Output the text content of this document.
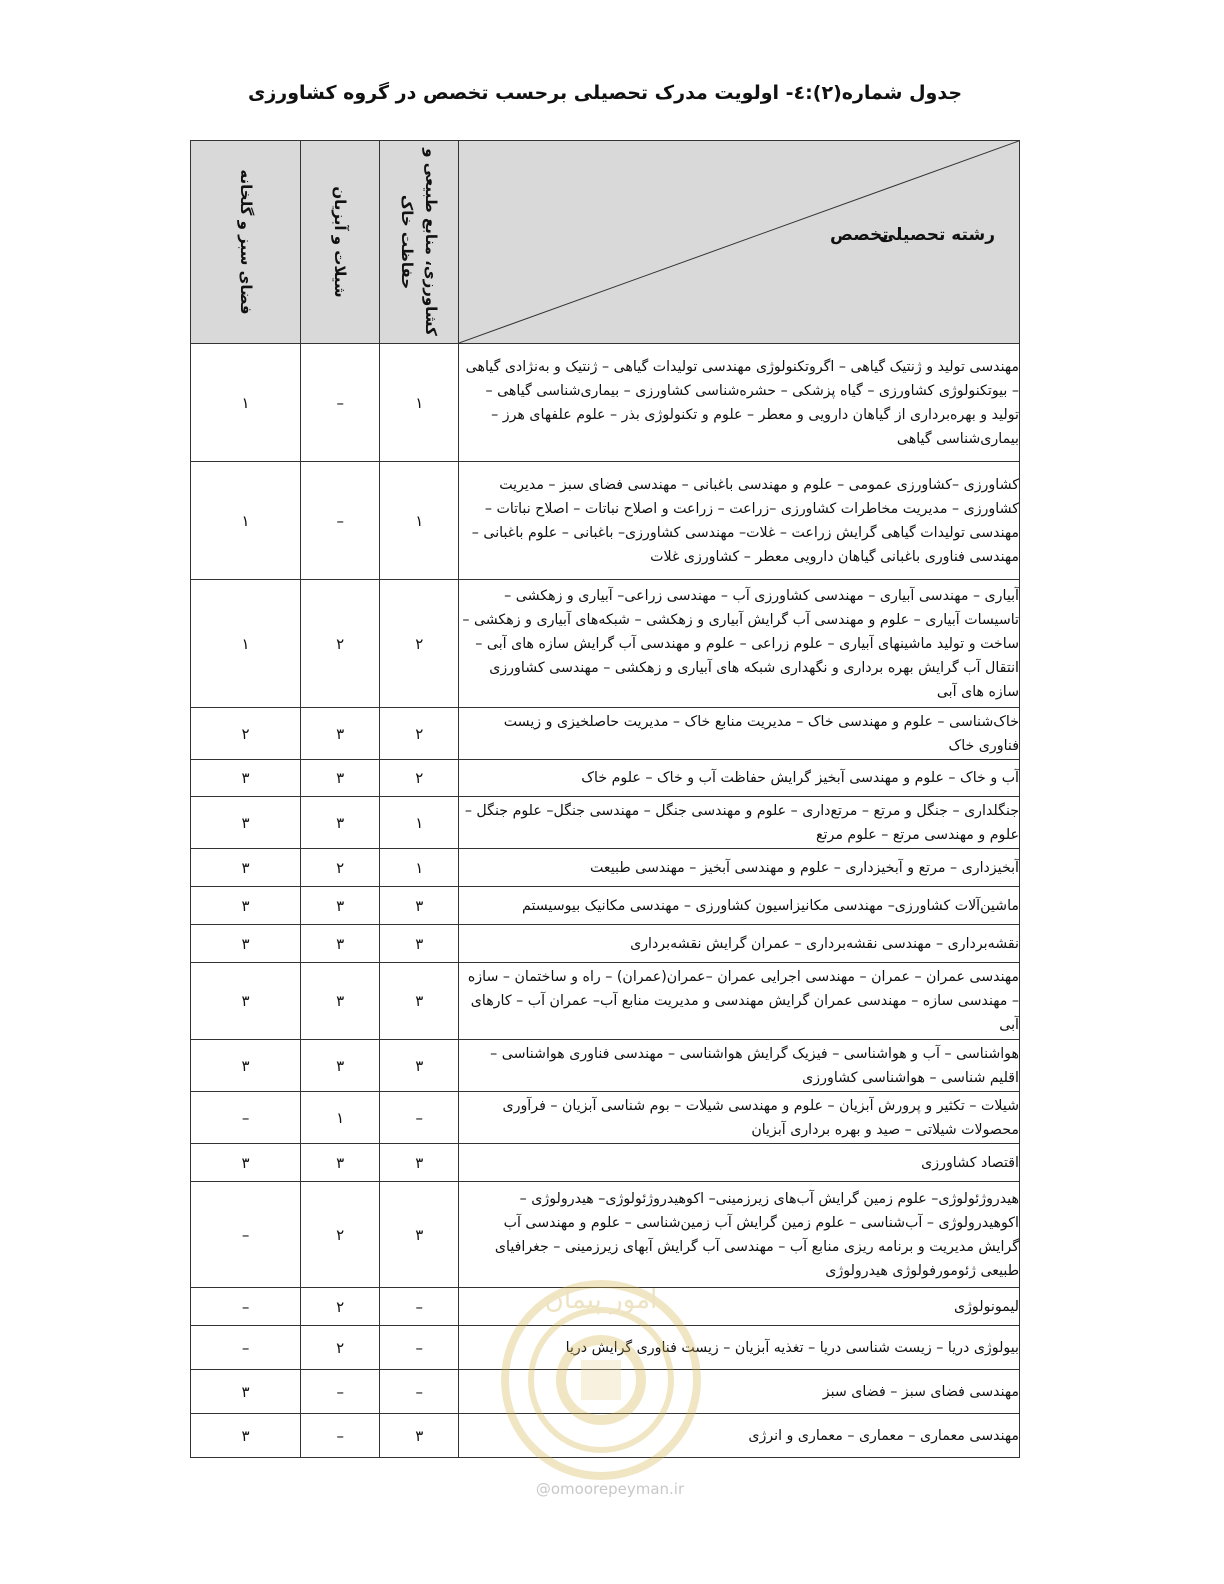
جدول شماره(۲):٤- اولویت مدرک تحصیلی برحسب تخصص در گروه کشاورزی
رشته تحصیلی
تخصص	کشاورزی، منابع طبیعی و حفاظت خاک	شیلات و آبزیان	فضای سبز و گلخانه

مهندسی تولید و ژنتیک گیاهی – اگروتکنولوژی مهندسی تولیدات گیاهی – ژنتیک و به‌نژادی گیاهی – بیوتکنولوژی کشاورزی – گیاه پزشکی – حشره‌شناسی کشاورزی – بیماری‌شناسی گیاهی – تولید و بهره‌برداری از گیاهان دارویی و معطر – علوم و تکنولوژی بذر – علوم علفهای هرز – بیماری‌شناسی گیاهی	۱	–	۱
کشاورزی –کشاورزی عمومی – علوم و مهندسی باغبانی – مهندسی فضای سبز – مدیریت کشاورزی – مدیریت مخاطرات کشاورزی –زراعت – زراعت و اصلاح نباتات – اصلاح نباتات – مهندسی تولیدات گیاهی گرایش زراعت – غلات– مهندسی کشاورزی– باغبانی – علوم باغبانی – مهندسی فناوری باغبانی گیاهان دارویی معطر – کشاورزی غلات	۱	–	۱
آبیاری – مهندسی آبیاری – مهندسی کشاورزی آب – مهندسی زراعی– آبیاری و زهکشی – تاسیسات آبیاری – علوم و مهندسی آب گرایش آبیاری و زهکشی – شبکه‌های آبیاری و زهکشی – ساخت و تولید ماشینهای آبیاری – علوم زراعی – علوم و مهندسی آب گرایش سازه های آبی – انتقال آب گرایش بهره برداری و نگهداری شبکه های آبیاری و زهکشی – مهندسی کشاورزی سازه های آبی	۲	۲	۱
خاک‌شناسی – علوم و مهندسی خاک – مدیریت منابع خاک – مدیریت حاصلخیزی و زیست فناوری خاک	۲	۳	۲
آب و خاک – علوم و مهندسی آبخیز گرایش حفاظت آب و خاک – علوم خاک	۲	۳	۳
جنگلداری – جنگل و مرتع – مرتع‌داری – علوم و مهندسی جنگل – مهندسی جنگل– علوم جنگل – علوم و مهندسی مرتع – علوم مرتع	۱	۳	۳
آبخیزداری – مرتع و آبخیزداری – علوم و مهندسی آبخیز – مهندسی طبیعت	۱	۲	۳
ماشین‌آلات کشاورزی– مهندسی مکانیزاسیون کشاورزی – مهندسی مکانیک بیوسیستم	۳	۳	۳
نقشه‌برداری – مهندسی نقشه‌برداری – عمران گرایش نقشه‌برداری	۳	۳	۳
مهندسی عمران – عمران – مهندسی اجرایی عمران –عمران(عمران) – راه و ساختمان – سازه – مهندسی سازه – مهندسی عمران گرایش مهندسی و مدیریت منابع آب– عمران آب – کارهای آبی	۳	۳	۳
هواشناسی – آب و هواشناسی – فیزیک گرایش هواشناسی – مهندسی فناوری هواشناسی – اقلیم شناسی – هواشناسی کشاورزی	۳	۳	۳
شیلات – تکثیر و پرورش آبزیان – علوم و مهندسی شیلات – بوم شناسی آبزیان – فرآوری محصولات شیلاتی – صید و بهره برداری آبزیان	–	۱	–
اقتصاد کشاورزی	۳	۳	۳
هیدروژئولوژی– علوم زمین گرایش آب‌های زیرزمینی– اکوهیدروژئولوژی– هیدرولوژی – اکوهیدرولوژی – آب‌شناسی – علوم زمین گرایش آب زمین‌شناسی – علوم و مهندسی آب گرایش مدیریت و برنامه ریزی منابع آب – مهندسی آب گرایش آبهای زیرزمینی – جغرافیای طبیعی ژئومورفولوژی هیدرولوژی	۳	۲	–
لیمونولوژی	–	۲	–
بیولوژی دریا – زیست شناسی دریا – تغذیه آبزیان – زیست فناوری گرایش دریا	–	۲	–
مهندسی فضای سبز – فضای سبز	–	–	۳
مهندسی معماری – معماری – معماری و انرژی	۳	–	۳
امور پیمان
@omoorepeyman.ir
